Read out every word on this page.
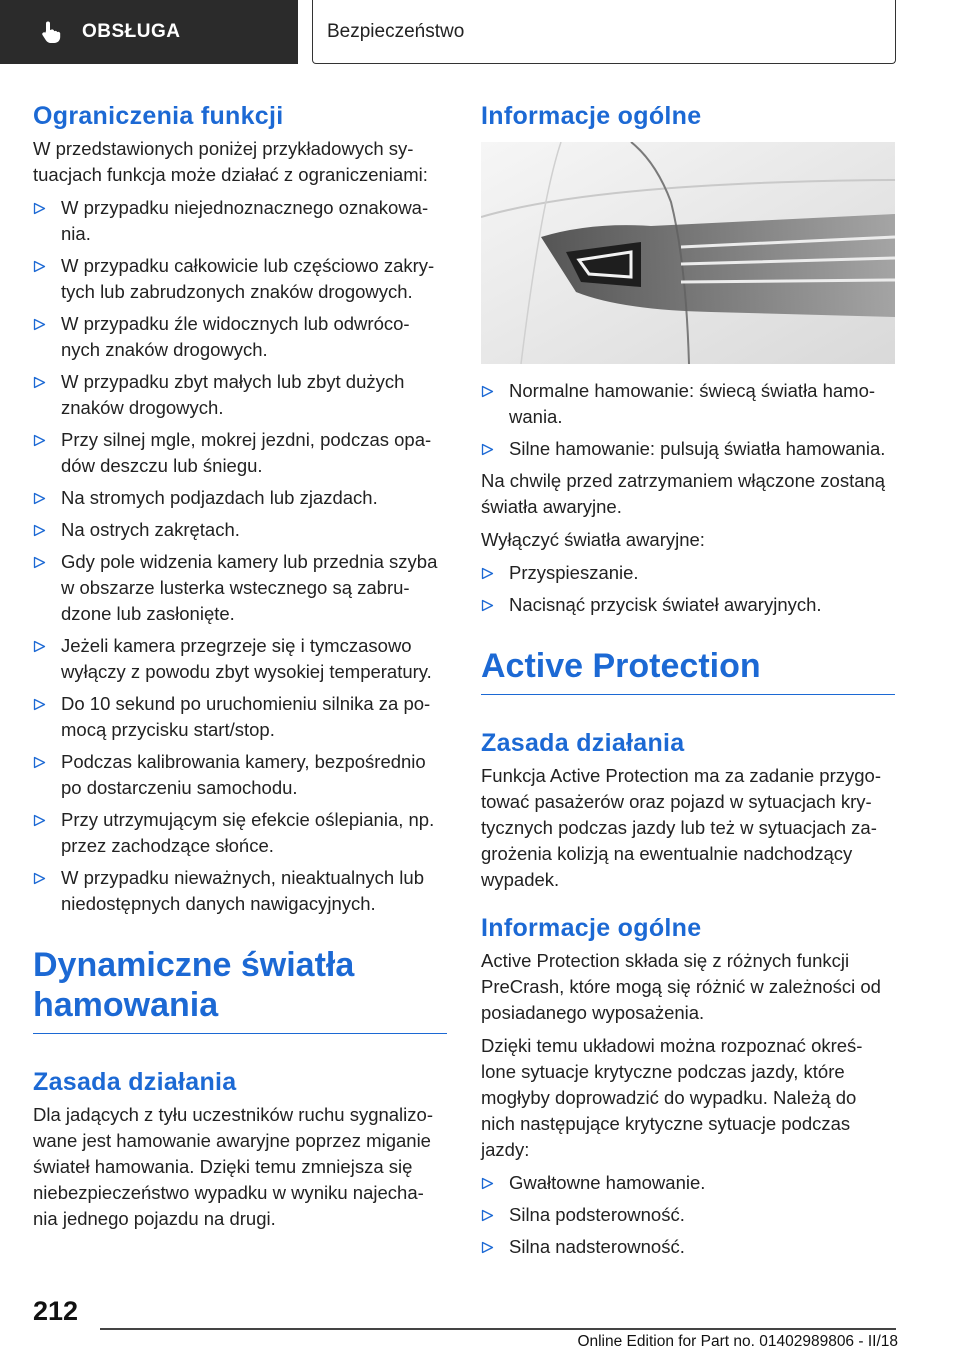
OBSŁUGA	Bezpieczeństwo
Ograniczenia funkcji

W przedstawionych poniżej przykładowych sy-tuacjach funkcja może działać z ograniczeniami:

W przypadku niejednoznacznego oznakowa-nia.
W przypadku całkowicie lub częściowo zakry-tych lub zabrudzonych znaków drogowych.
W przypadku źle widocznych lub odwróco-nych znaków drogowych.
W przypadku zbyt małych lub zbyt dużych znaków drogowych.
Przy silnej mgle, mokrej jezdni, podczas opa-dów deszczu lub śniegu.
Na stromych podjazdach lub zjazdach.
Na ostrych zakrętach.
Gdy pole widzenia kamery lub przednia szyba w obszarze lusterka wstecznego są zabru-dzone lub zasłonięte.
Jeżeli kamera przegrzeje się i tymczasowo wyłączy z powodu zbyt wysokiej temperatury.
Do 10 sekund po uruchomieniu silnika za po-mocą przycisku start/stop.
Podczas kalibrowania kamery, bezpośrednio po dostarczeniu samochodu.
Przy utrzymującym się efekcie oślepiania, np. przez zachodzące słońce.
W przypadku nieważnych, nieaktualnych lub niedostępnych danych nawigacyjnych.
Dynamiczne światła hamowania
Zasada działania

Dla jadących z tyłu uczestników ruchu sygnalizo-wane jest hamowanie awaryjne poprzez miganie świateł hamowania. Dzięki temu zmniejsza się niebezpieczeństwo wypadku w wyniku najecha-nia jednego pojazdu na drugi.

Informacje ogólne
Normalne hamowanie: świecą światła hamo-wania.
Silne hamowanie: pulsują światła hamowania.

Na chwilę przed zatrzymaniem włączone zostaną światła awaryjne.

Wyłączyć światła awaryjne:

Przyspieszanie.
Nacisnąć przycisk świateł awaryjnych.
Active Protection
Zasada działania

Funkcja Active Protection ma za zadanie przygo-tować pasażerów oraz pojazd w sytuacjach kry-tycznych podczas jazdy lub też w sytuacjach za-grożenia kolizją na ewentualnie nadchodzący wypadek.

Informacje ogólne

Active Protection składa się z różnych funkcji PreCrash, które mogą się różnić w zależności od posiadanego wyposażenia.

Dzięki temu układowi można rozpoznać okreś-lone sytuacje krytyczne podczas jazdy, które mogłyby doprowadzić do wypadku. Należą do nich następujące krytyczne sytuacje podczas jazdy:

Gwałtowne hamowanie.
Silna podsterowność.
Silna nadsterowność.
212
Online Edition for Part no. 01402989806 - II/18
